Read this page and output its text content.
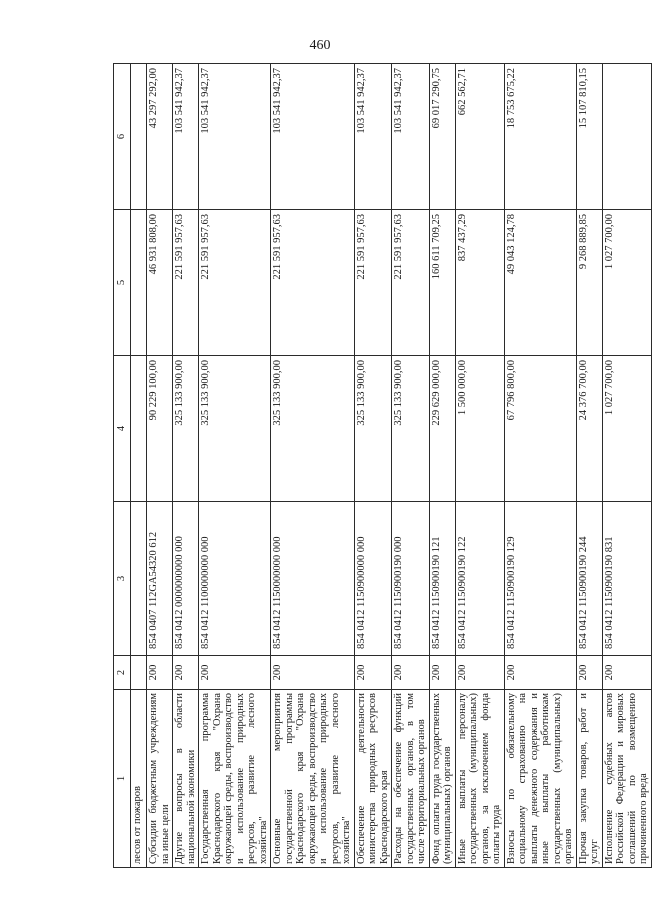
460
1	2	3	4	5	6
лесов от пожаров					
Субсидии бюджетным учреждениям на иные цели	200	854 0407 112GA54320 612	90 229 100,00	46 931 808,00	43 297 292,00
Другие вопросы в области национальной экономики	200	854 0412 0000000000 000	325 133 900,00	221 591 957,63	103 541 942,37
Государственная программа Краснодарского края "Охрана окружающей среды, воспроизводство и использование природных ресурсов, развитие лесного хозяйства"	200	854 0412 1100000000 000	325 133 900,00	221 591 957,63	103 541 942,37
Основные мероприятия государственной программы Краснодарского края "Охрана окружающей среды, воспроизводство и использование природных ресурсов, развитие лесного хозяйства"	200	854 0412 1150000000 000	325 133 900,00	221 591 957,63	103 541 942,37
Обеспечение деятельности министерства природных ресурсов Краснодарского края	200	854 0412 1150900000 000	325 133 900,00	221 591 957,63	103 541 942,37
Расходы на обеспечение функций государственных органов, в том числе территориальных органов	200	854 0412 1150900190 000	325 133 900,00	221 591 957,63	103 541 942,37
Фонд оплаты труда государственных (муниципальных) органов	200	854 0412 1150900190 121	229 629 000,00	160 611 709,25	69 017 290,75
Иные выплаты персоналу государственных (муниципальных) органов, за исключением фонда оплаты труда	200	854 0412 1150900190 122	1 500 000,00	837 437,29	662 562,71
Взносы по обязательному социальному страхованию на выплаты денежного содержания и иные выплаты работникам государственных (муниципальных) органов	200	854 0412 1150900190 129	67 796 800,00	49 043 124,78	18 753 675,22
Прочая закупка товаров, работ и услуг	200	854 0412 1150900190 244	24 376 700,00	9 268 889,85	15 107 810,15
Исполнение судебных актов Российской Федерации и мировых соглашений по возмещению причиненного вреда	200	854 0412 1150900190 831	1 027 700,00	1 027 700,00	
